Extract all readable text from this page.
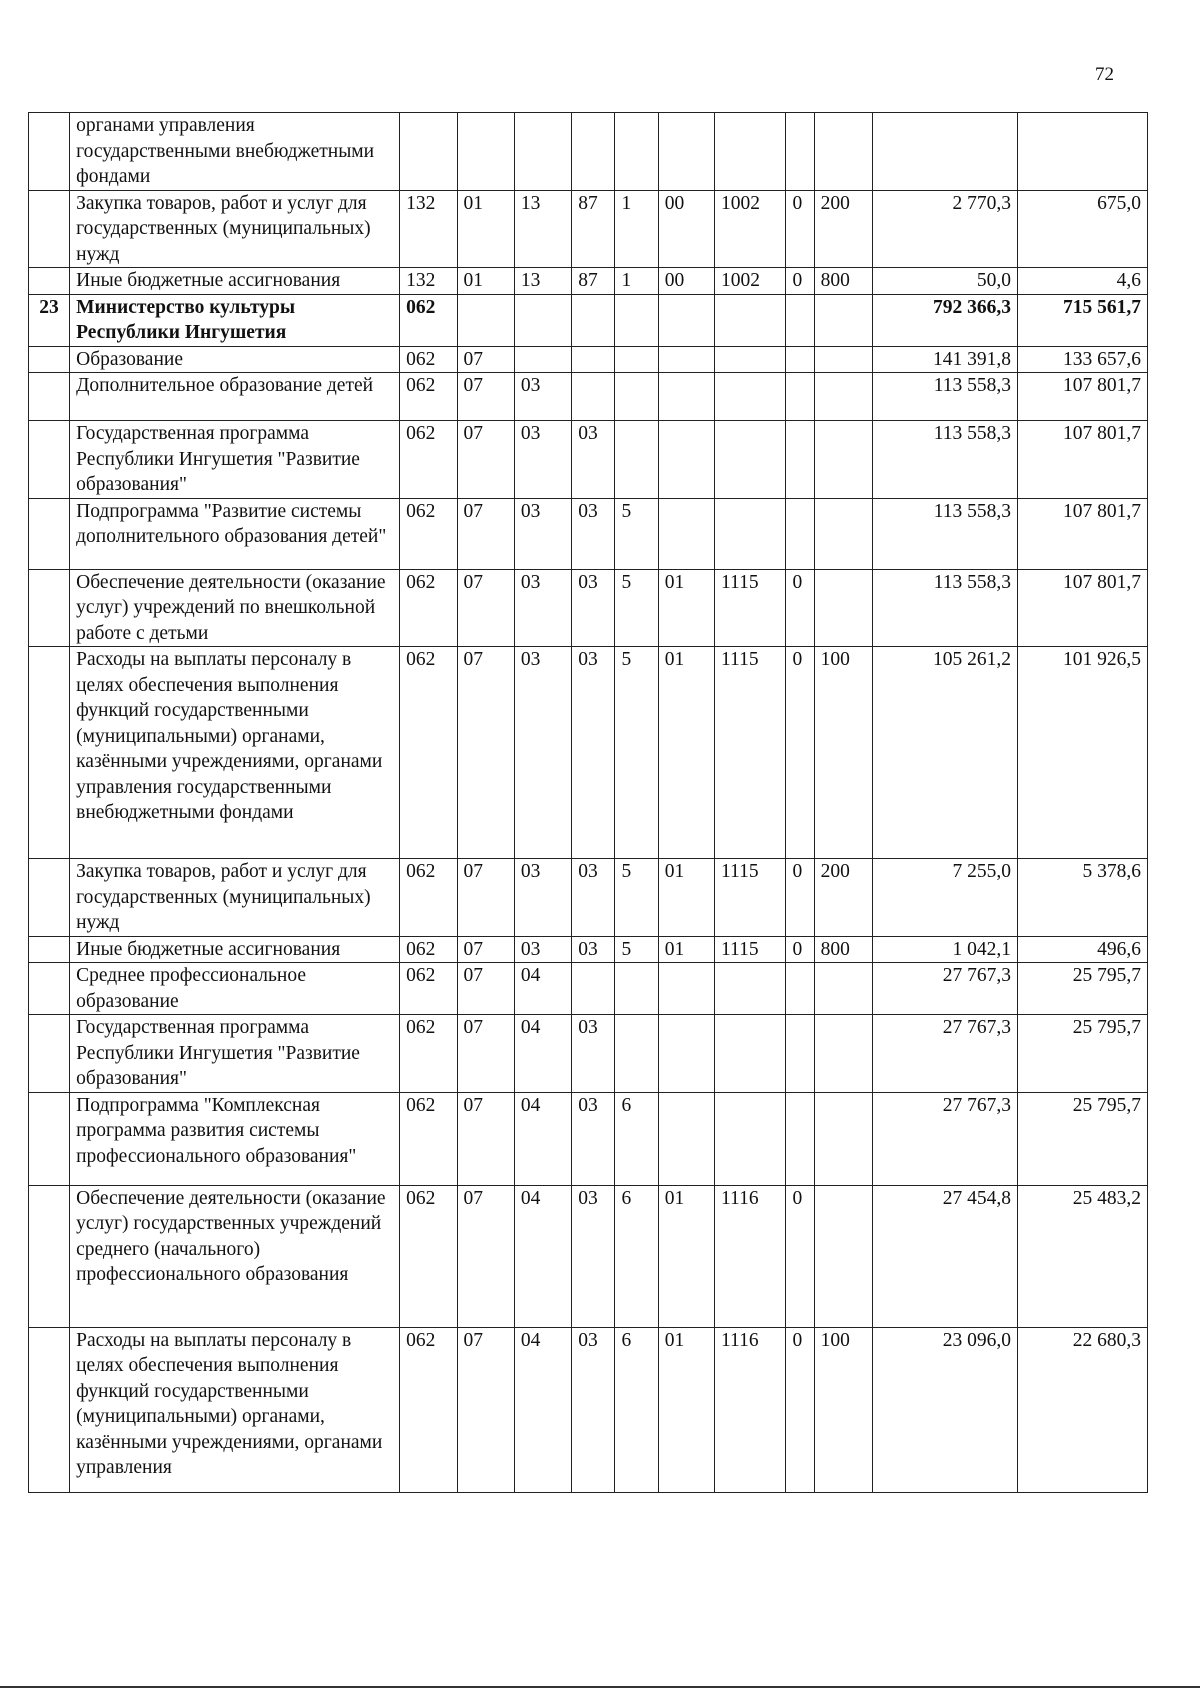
72
	органами управления государственными внебюджетными фондами											
	Закупка товаров, работ и услуг для государственных (муниципальных) нужд	132	01	13	87	1	00	1002	0	200	2 770,3	675,0
	Иные бюджетные ассигнования	132	01	13	87	1	00	1002	0	800	50,0	4,6
23	Министерство культуры Республики Ингушетия	062									792 366,3	715 561,7
	Образование	062	07								141 391,8	133 657,6
	Дополнительное образование детей	062	07	03							113 558,3	107 801,7
	Государственная программа Республики Ингушетия "Развитие образования"	062	07	03	03						113 558,3	107 801,7
	Подпрограмма "Развитие системы дополнительного образования детей"	062	07	03	03	5					113 558,3	107 801,7
	Обеспечение деятельности (оказание услуг) учреждений по внешкольной работе с детьми	062	07	03	03	5	01	1115	0		113 558,3	107 801,7
	Расходы на выплаты персоналу в целях обеспечения выполнения функций государственными (муниципальными) органами, казёнными учреждениями, органами управления государственными внебюджетными фондами	062	07	03	03	5	01	1115	0	100	105 261,2	101 926,5
	Закупка товаров, работ и услуг для государственных (муниципальных) нужд	062	07	03	03	5	01	1115	0	200	7 255,0	5 378,6
	Иные бюджетные ассигнования	062	07	03	03	5	01	1115	0	800	1 042,1	496,6
	Среднее профессиональное образование	062	07	04							27 767,3	25 795,7
	Государственная программа Республики Ингушетия "Развитие образования"	062	07	04	03						27 767,3	25 795,7
	Подпрограмма "Комплексная программа развития системы профессионального образования"	062	07	04	03	6					27 767,3	25 795,7
	Обеспечение деятельности (оказание услуг) государственных учреждений среднего (начального) профессионального образования	062	07	04	03	6	01	1116	0		27 454,8	25 483,2
	Расходы на выплаты персоналу в целях обеспечения выполнения функций государственными (муниципальными) органами, казёнными учреждениями, органами управления	062	07	04	03	6	01	1116	0	100	23 096,0	22 680,3
